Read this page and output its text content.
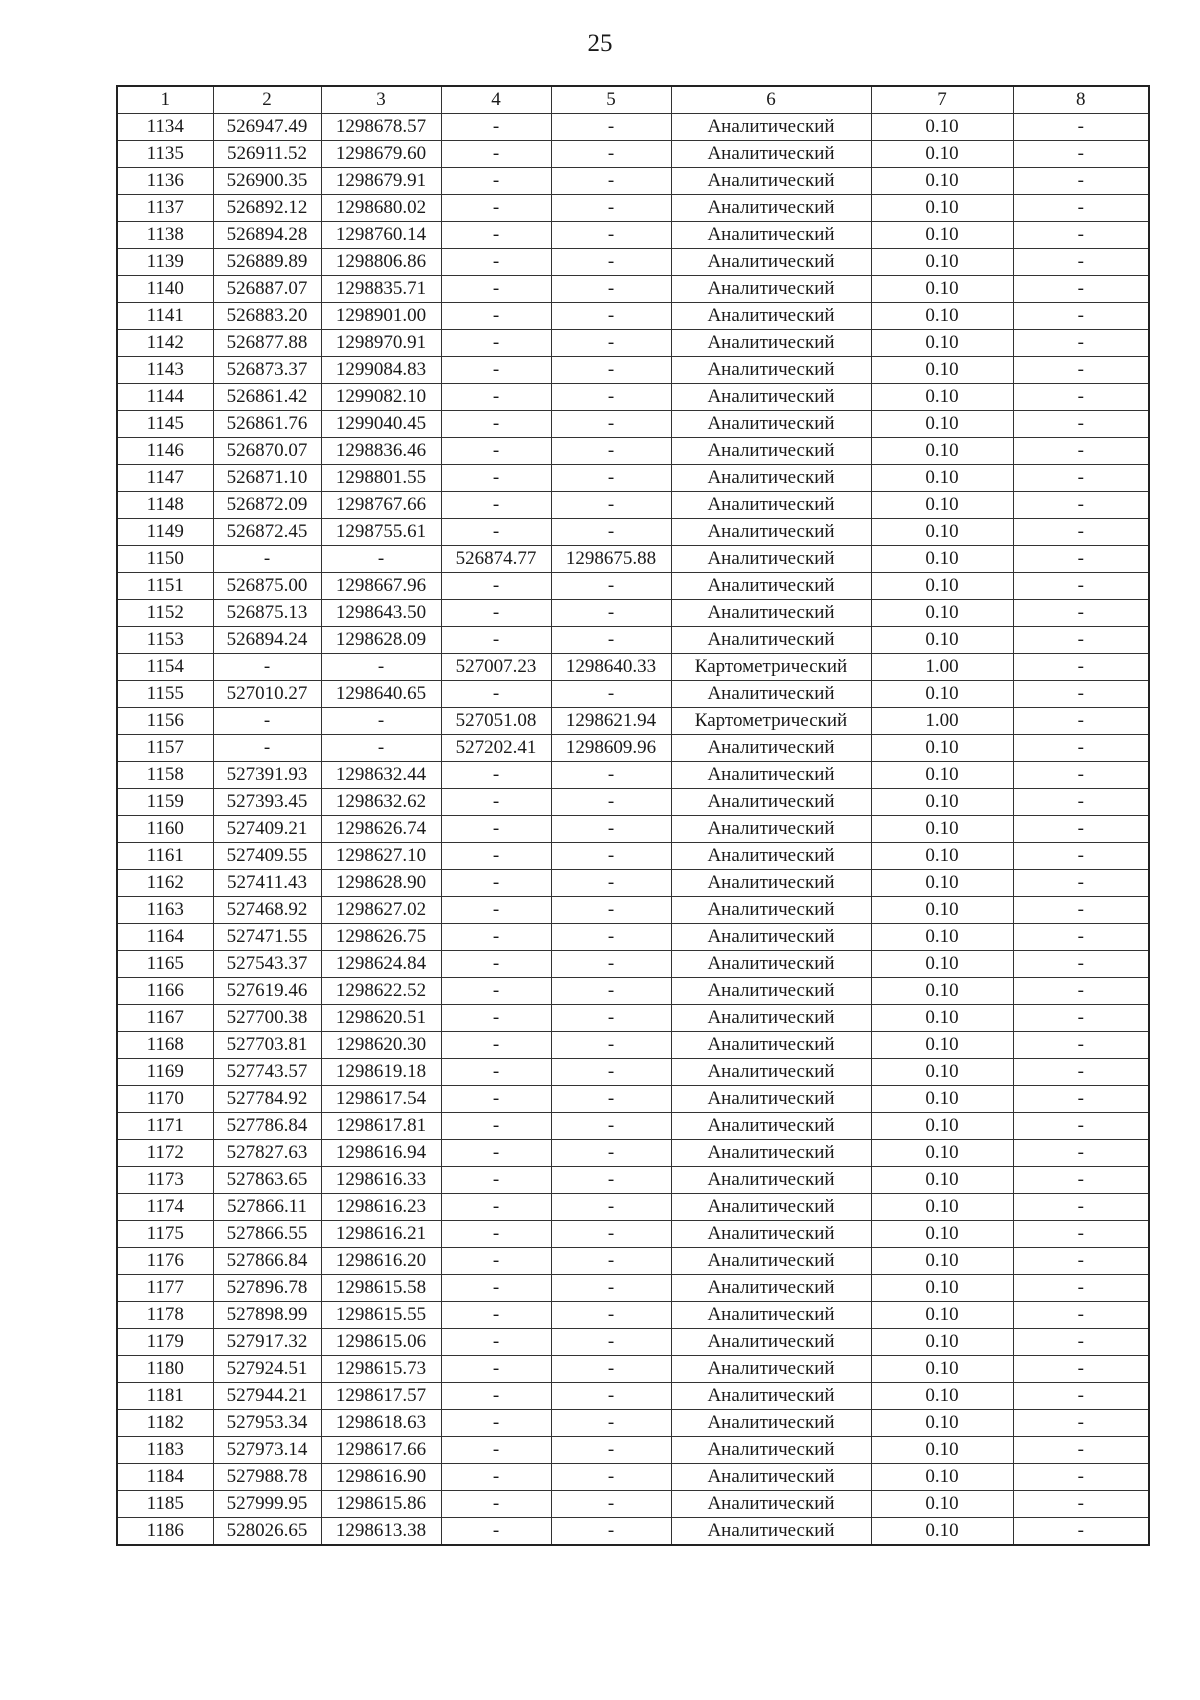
25
1	2	3	4	5	6	7	8
1134	526947.49	1298678.57	-	-	Аналитический	0.10	-
1135	526911.52	1298679.60	-	-	Аналитический	0.10	-
1136	526900.35	1298679.91	-	-	Аналитический	0.10	-
1137	526892.12	1298680.02	-	-	Аналитический	0.10	-
1138	526894.28	1298760.14	-	-	Аналитический	0.10	-
1139	526889.89	1298806.86	-	-	Аналитический	0.10	-
1140	526887.07	1298835.71	-	-	Аналитический	0.10	-
1141	526883.20	1298901.00	-	-	Аналитический	0.10	-
1142	526877.88	1298970.91	-	-	Аналитический	0.10	-
1143	526873.37	1299084.83	-	-	Аналитический	0.10	-
1144	526861.42	1299082.10	-	-	Аналитический	0.10	-
1145	526861.76	1299040.45	-	-	Аналитический	0.10	-
1146	526870.07	1298836.46	-	-	Аналитический	0.10	-
1147	526871.10	1298801.55	-	-	Аналитический	0.10	-
1148	526872.09	1298767.66	-	-	Аналитический	0.10	-
1149	526872.45	1298755.61	-	-	Аналитический	0.10	-
1150	-	-	526874.77	1298675.88	Аналитический	0.10	-
1151	526875.00	1298667.96	-	-	Аналитический	0.10	-
1152	526875.13	1298643.50	-	-	Аналитический	0.10	-
1153	526894.24	1298628.09	-	-	Аналитический	0.10	-
1154	-	-	527007.23	1298640.33	Картометрический	1.00	-
1155	527010.27	1298640.65	-	-	Аналитический	0.10	-
1156	-	-	527051.08	1298621.94	Картометрический	1.00	-
1157	-	-	527202.41	1298609.96	Аналитический	0.10	-
1158	527391.93	1298632.44	-	-	Аналитический	0.10	-
1159	527393.45	1298632.62	-	-	Аналитический	0.10	-
1160	527409.21	1298626.74	-	-	Аналитический	0.10	-
1161	527409.55	1298627.10	-	-	Аналитический	0.10	-
1162	527411.43	1298628.90	-	-	Аналитический	0.10	-
1163	527468.92	1298627.02	-	-	Аналитический	0.10	-
1164	527471.55	1298626.75	-	-	Аналитический	0.10	-
1165	527543.37	1298624.84	-	-	Аналитический	0.10	-
1166	527619.46	1298622.52	-	-	Аналитический	0.10	-
1167	527700.38	1298620.51	-	-	Аналитический	0.10	-
1168	527703.81	1298620.30	-	-	Аналитический	0.10	-
1169	527743.57	1298619.18	-	-	Аналитический	0.10	-
1170	527784.92	1298617.54	-	-	Аналитический	0.10	-
1171	527786.84	1298617.81	-	-	Аналитический	0.10	-
1172	527827.63	1298616.94	-	-	Аналитический	0.10	-
1173	527863.65	1298616.33	-	-	Аналитический	0.10	-
1174	527866.11	1298616.23	-	-	Аналитический	0.10	-
1175	527866.55	1298616.21	-	-	Аналитический	0.10	-
1176	527866.84	1298616.20	-	-	Аналитический	0.10	-
1177	527896.78	1298615.58	-	-	Аналитический	0.10	-
1178	527898.99	1298615.55	-	-	Аналитический	0.10	-
1179	527917.32	1298615.06	-	-	Аналитический	0.10	-
1180	527924.51	1298615.73	-	-	Аналитический	0.10	-
1181	527944.21	1298617.57	-	-	Аналитический	0.10	-
1182	527953.34	1298618.63	-	-	Аналитический	0.10	-
1183	527973.14	1298617.66	-	-	Аналитический	0.10	-
1184	527988.78	1298616.90	-	-	Аналитический	0.10	-
1185	527999.95	1298615.86	-	-	Аналитический	0.10	-
1186	528026.65	1298613.38	-	-	Аналитический	0.10	-
